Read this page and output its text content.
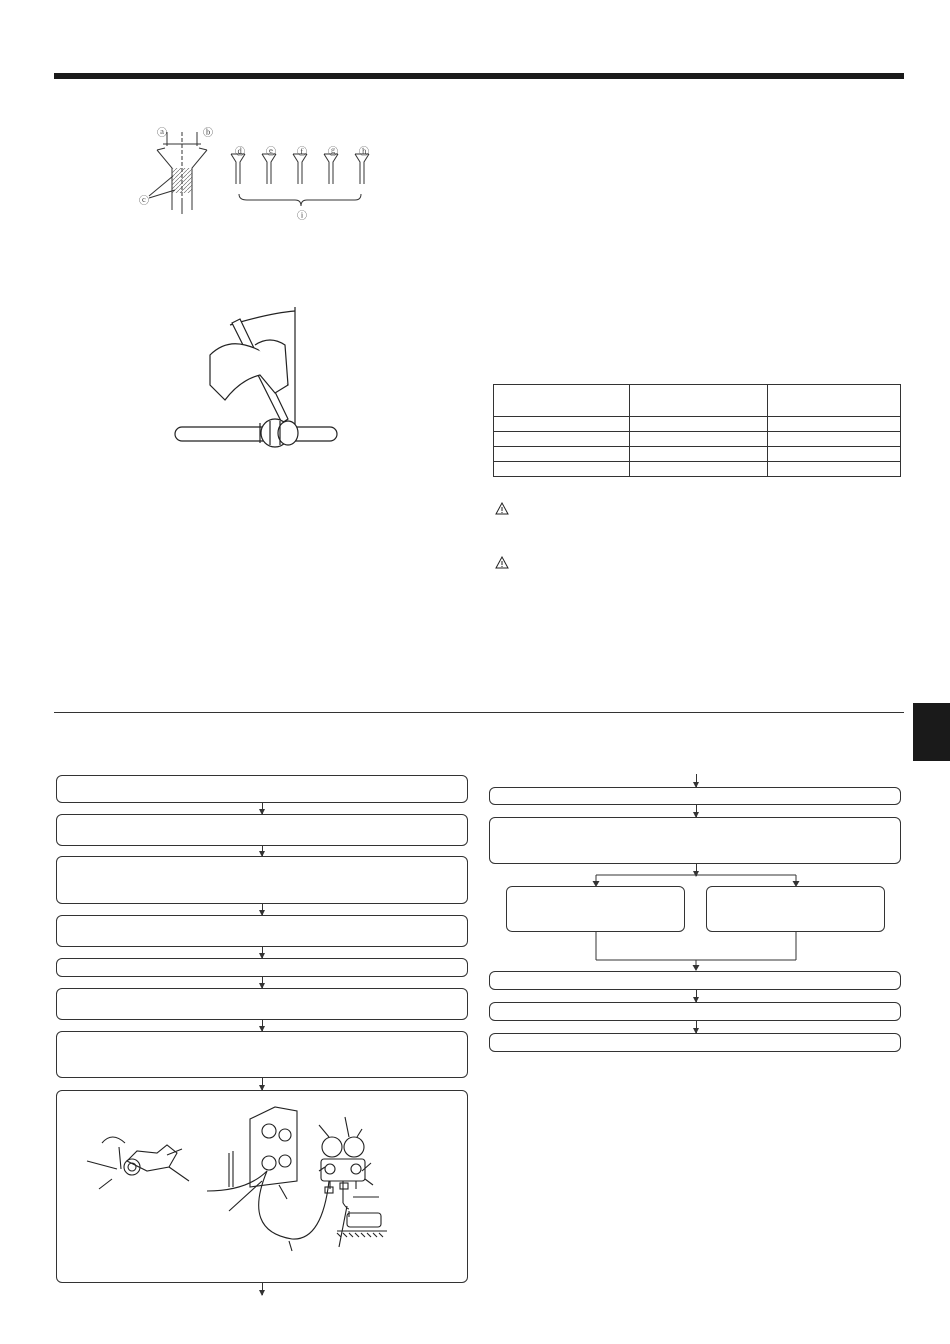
ⓐ	ⓑ
ⓒ
ⓓ ⓔ ⓕ ⓖ ⓗ
ⓘ
